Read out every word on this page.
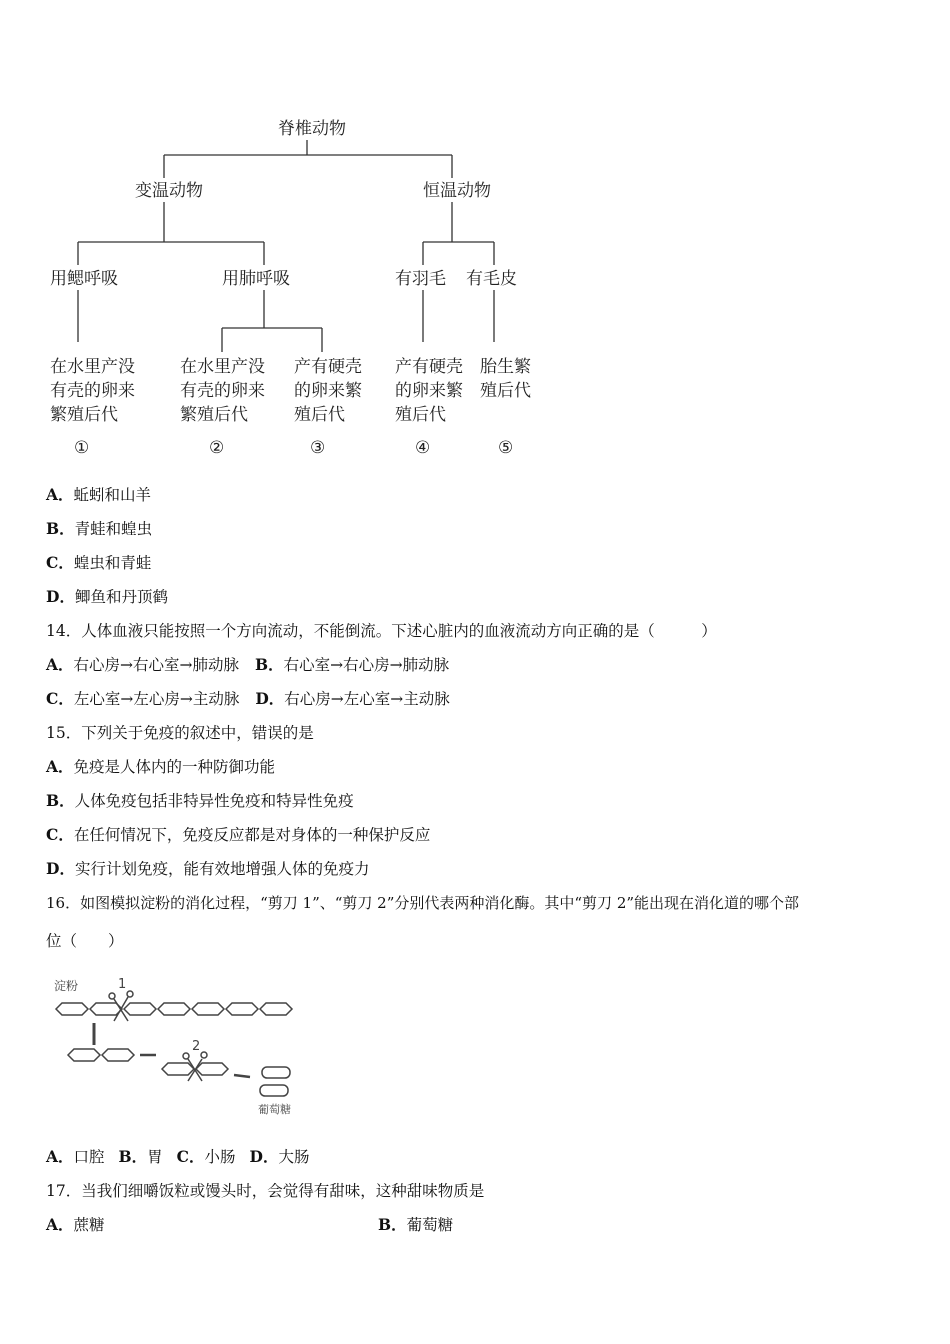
脊椎动物
变温动物	恒温动物
用鳃呼吸	用肺呼吸	有羽毛 有毛皮
在水里产没
有壳的卵来
繁殖后代
在水里产没
有壳的卵来
繁殖后代
产有硬壳
的卵来繁
殖后代
产有硬壳
的卵来繁
殖后代
胎生繁
殖后代
①	②	③	④	⑤
A．蚯蚓和山羊
B．青蛙和蝗虫
C．蝗虫和青蛙
D．鲫鱼和丹顶鹤
14．人体血液只能按照一个方向流动，不能倒流。下述心脏内的血液流动方向正确的是（　　　）
A．右心房→右心室→肺动脉 B．右心室→右心房→肺动脉
C．左心室→左心房→主动脉 D．右心房→左心室→主动脉
15．下列关于免疫的叙述中，错误的是
A．免疫是人体内的一种防御功能
B．人体免疫包括非特异性免疫和特异性免疫
C．在任何情况下，免疫反应都是对身体的一种保护反应
D．实行计划免疫，能有效地增强人体的免疫力
16．如图模拟淀粉的消化过程，“剪刀 1”、“剪刀 2”分别代表两种消化酶。其中“剪刀 2”能出现在消化道的哪个部
位（　　）
淀粉	1
2
葡萄糖
A．口腔 B．胃 C．小肠 D．大肠
17．当我们细嚼饭粒或馒头时，会觉得有甜味，这种甜味物质是
A．蔗糖	B．葡萄糖
